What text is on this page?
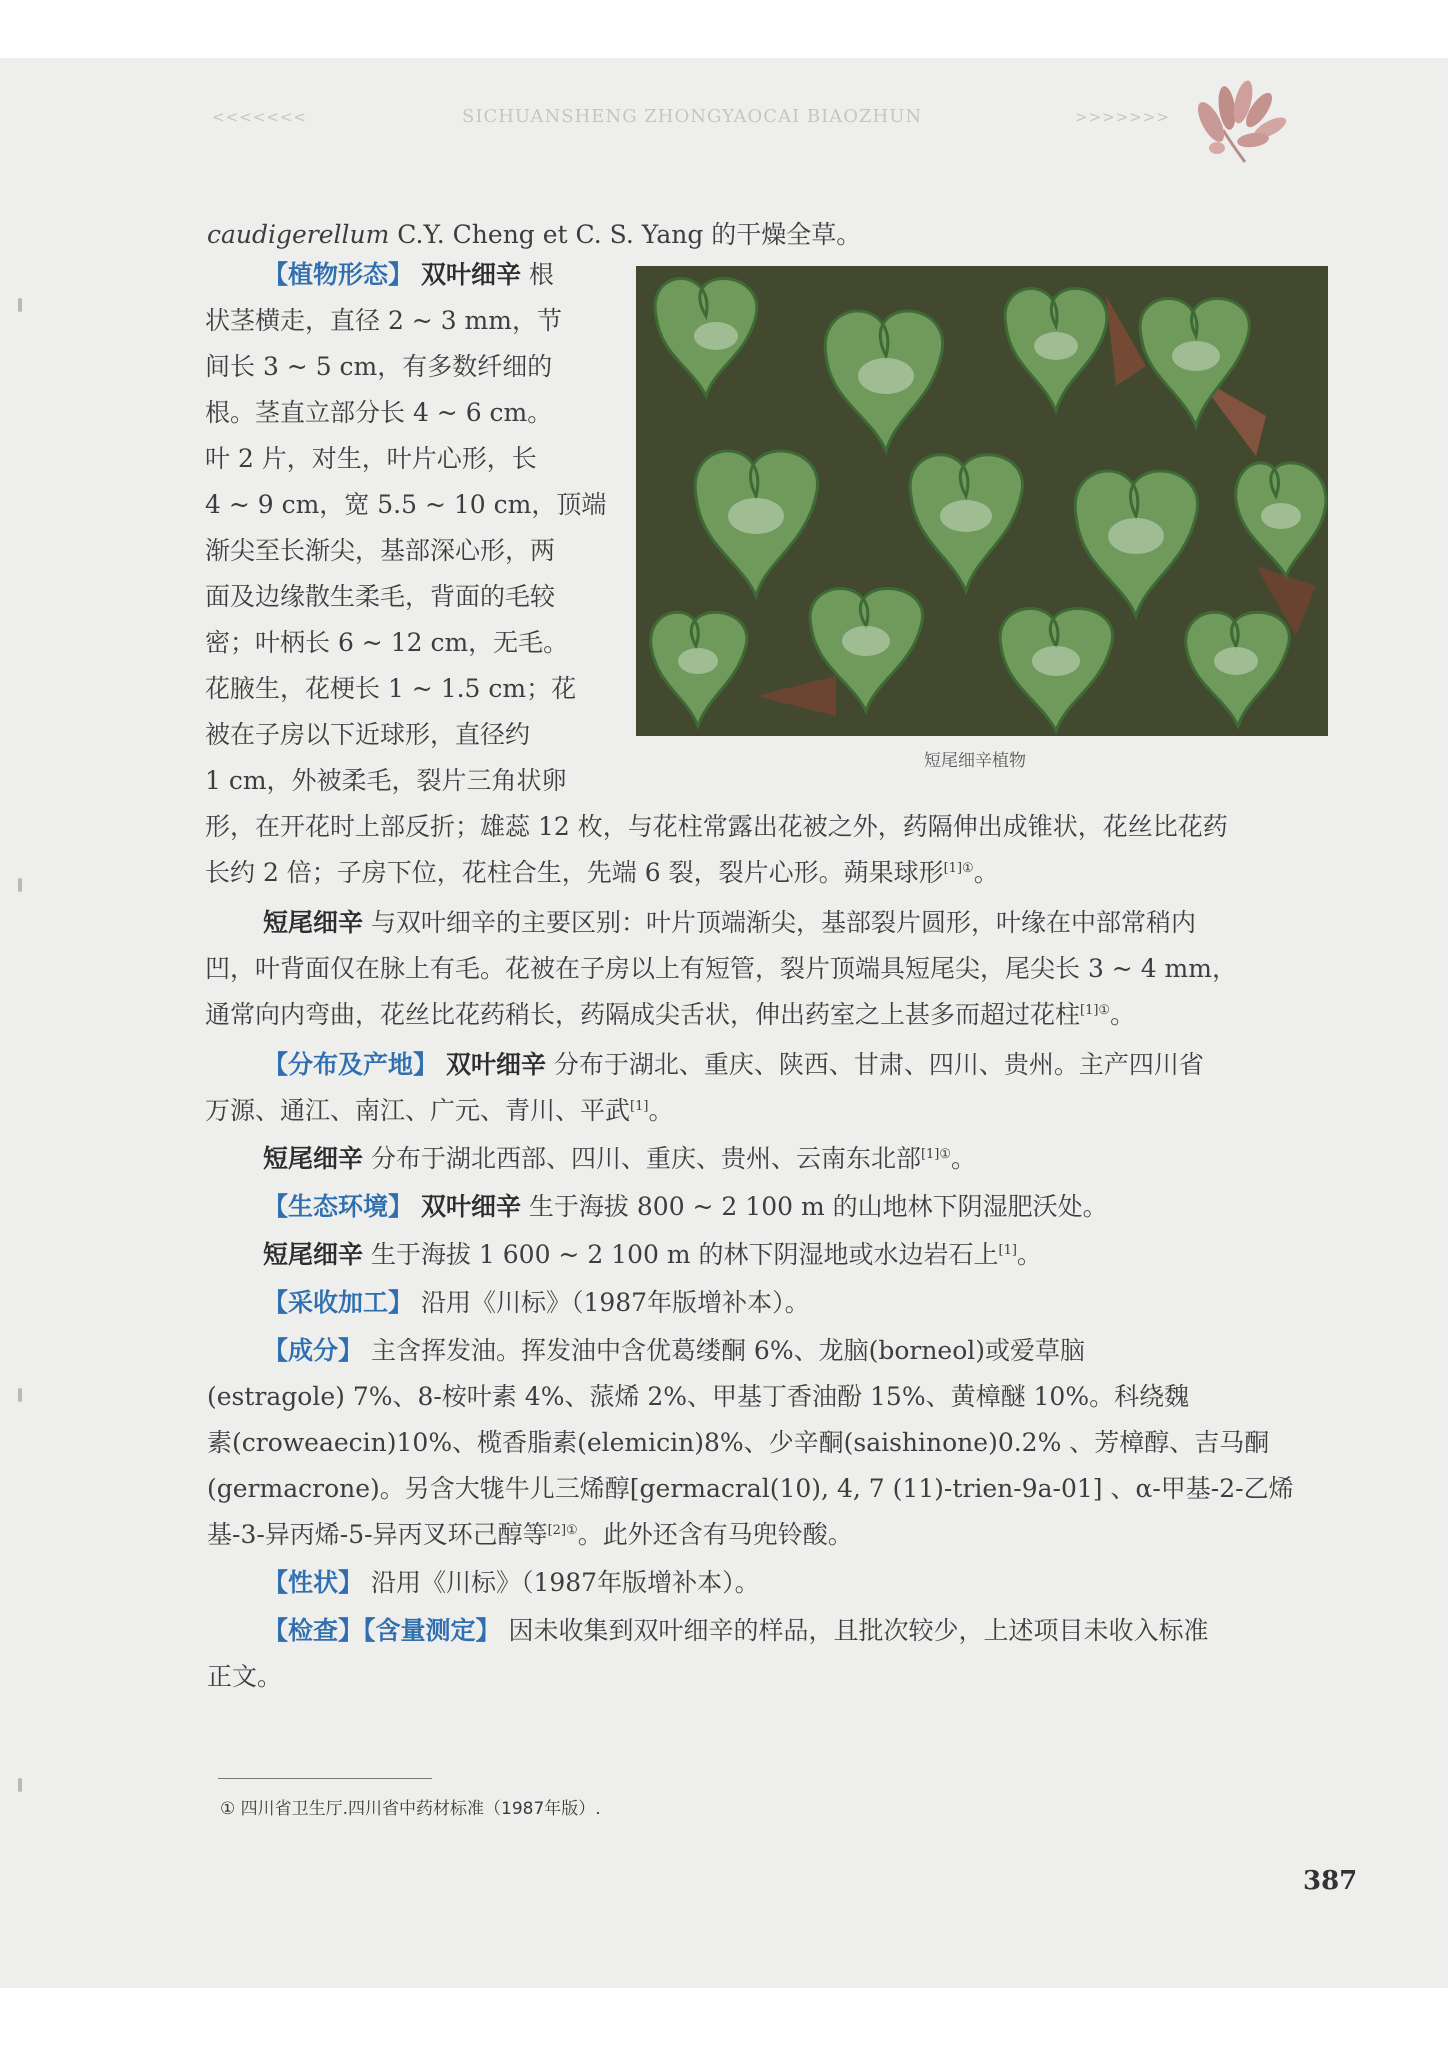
<<<<<<<	SICHUANSHENG ZHONGYAOCAI BIAOZHUN	>>>>>>>
caudigerellum C.Y. Cheng et C. S. Yang 的干燥全草。
【植物形态】 双叶细辛 根
状茎横走，直径 2 ~ 3 mm，节
间长 3 ~ 5 cm，有多数纤细的
根。茎直立部分长 4 ~ 6 cm。
叶 2 片，对生，叶片心形，长
4 ~ 9 cm，宽 5.5 ~ 10 cm，顶端
渐尖至长渐尖，基部深心形，两
面及边缘散生柔毛，背面的毛较
密；叶柄长 6 ~ 12 cm，无毛。
花腋生，花梗长 1 ~ 1.5 cm；花
被在子房以下近球形，直径约
1 cm，外被柔毛，裂片三角状卵
形，在开花时上部反折；雄蕊 12 枚，与花柱常露出花被之外，药隔伸出成锥状，花丝比花药
长约 2 倍；子房下位，花柱合生，先端 6 裂，裂片心形。蒴果球形$^{[1]①}$。
短尾细辛 与双叶细辛的主要区别：叶片顶端渐尖，基部裂片圆形，叶缘在中部常稍内
凹，叶背面仅在脉上有毛。花被在子房以上有短管，裂片顶端具短尾尖，尾尖长 3 ~ 4 mm，
通常向内弯曲，花丝比花药稍长，药隔成尖舌状，伸出药室之上甚多而超过花柱$^{[1]①}$。
【分布及产地】 双叶细辛 分布于湖北、重庆、陕西、甘肃、四川、贵州。主产四川省
万源、通江、南江、广元、青川、平武[1]。
短尾细辛 分布于湖北西部、四川、重庆、贵州、云南东北部$^{[1]①}$。
【生态环境】 双叶细辛 生于海拔 800 ~ 2 100 m 的山地林下阴湿肥沃处。
短尾细辛 生于海拔 1 600 ~ 2 100 m 的林下阴湿地或水边岩石上[1]。
【采收加工】 沿用《川标》（1987年版增补本）。
【成分】 主含挥发油。挥发油中含优葛缕酮 6%、龙脑(borneol)或爱草脑
(estragole) 7%、8-桉叶素 4%、蒎烯 2%、甲基丁香油酚 15%、黄樟醚 10%。科绕魏
素(croweaecin)10%、榄香脂素(elemicin)8%、少辛酮(saishinone)0.2% 、芳樟醇、吉马酮
(germacrone)。另含大牻牛儿三烯醇[germacral(10), 4, 7 (11)-trien-9a-01] 、α-甲基-2-乙烯
基-3-异丙烯-5-异丙叉环己醇等$^{[2]①}$。此外还含有马兜铃酸。
【性状】 沿用《川标》（1987年版增补本）。
【检查】【含量测定】 因未收集到双叶细辛的样品，且批次较少，上述项目未收入标准
正文。
短尾细辛植物
① 四川省卫生厅.四川省中药材标准（1987年版）.
387
